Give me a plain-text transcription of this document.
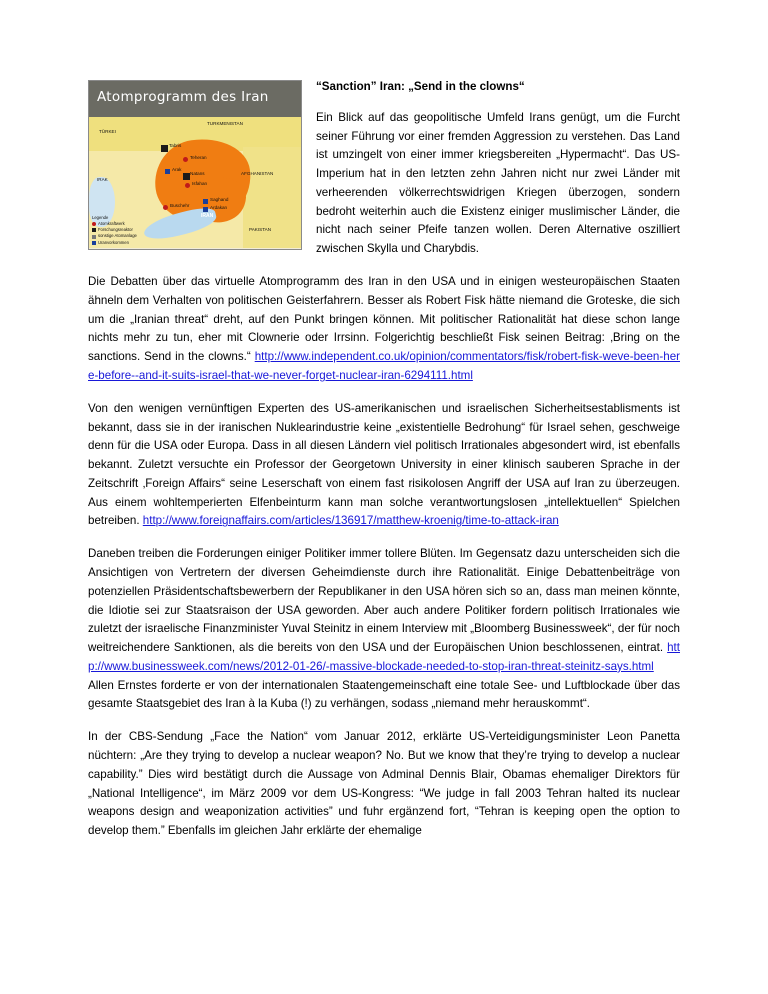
Atomprogramm des Iran
TÜRKEI
TURKMENISTAN
IRAK
AFGHANISTAN
PAKISTAN
IRAN
Tabris
Teheran
Arak
Natans
Isfahan
Buschehr
Saghand
Ardakan
Legende
Atomkraftwerk
Forschungsreaktor
sonstige Atomanlage
Uranvorkommen

“Sanction” Iran: „Send in the clowns“

Ein Blick auf das geopolitische Umfeld Irans genügt, um die Furcht seiner Führung vor einer fremden Aggression zu verstehen. Das Land ist umzingelt von einer immer kriegsbereiten „Hypermacht“. Das US-Imperium hat in den letzten zehn Jahren nicht nur zwei Länder mit verheerenden völkerrechtswidrigen Kriegen überzogen, sondern bedroht weiterhin auch die Existenz einiger muslimischer Länder, die nicht nach seiner Pfeife tanzen wollen. Deren Alternative oszilliert zwischen Skylla und Charybdis.

Die Debatten über das virtuelle Atomprogramm des Iran in den USA und in einigen westeuropäischen Staaten ähneln dem Verhalten von politischen Geisterfahrern. Besser als Robert Fisk hätte niemand die Groteske, die sich um die „Iranian threat“ dreht, auf den Punkt bringen können. Mit politischer Rationalität hat diese schon lange nichts mehr zu tun, eher mit Clownerie oder Irrsinn. Folgerichtig beschließt Fisk seinen Beitrag: ‚Bring on the sanctions. Send in the clowns.“ http://www.independent.co.uk/opinion/commentators/fisk/robert-fisk-weve-been-here-before--and-it-suits-israel-that-we-never-forget-nuclear-iran-6294111.html

Von den wenigen vernünftigen Experten des US-amerikanischen und israelischen Sicherheitsestablisments ist bekannt, dass sie in der iranischen Nuklearindustrie keine „existentielle Bedrohung“ für Israel sehen, geschweige denn für die USA oder Europa. Dass in all diesen Ländern viel politisch Irrationales abgesondert wird, ist ebenfalls bekannt. Zuletzt versuchte ein Professor der Georgetown University in einer klinisch sauberen Sprache in der Zeitschrift ‚Foreign Affairs“ seine Leserschaft von einem fast risikolosen Angriff der USA auf Iran zu überzeugen. Aus einem wohltemperierten Elfenbeinturm kann man solche verantwortungslosen „intellektuellen“ Spielchen betreiben. http://www.foreignaffairs.com/articles/136917/matthew-kroenig/time-to-attack-iran

Daneben treiben die Forderungen einiger Politiker immer tollere Blüten. Im Gegensatz dazu unterscheiden sich die Ansichtigen von Vertretern der diversen Geheimdienste durch ihre Rationalität. Einige Debattenbeiträge von potenziellen Präsidentschaftsbewerbern der Republikaner in den USA hören sich so an, dass man meinen könnte, die Idiotie sei zur Staatsraison der USA geworden. Aber auch andere Politiker fordern politisch Irrationales wie zuletzt der israelische Finanzminister Yuval Steinitz in einem Interview mit „Bloomberg Businessweek“, der für noch weitreichendere Sanktionen, als die bereits von den USA und der Europäischen Union beschlossenen, eintrat. http://www.businessweek.com/news/2012-01-26/-massive-blockade-needed-to-stop-iran-threat-steinitz-says.html Allen Ernstes forderte er von der internationalen Staatengemeinschaft eine totale See- und Luftblockade über das gesamte Staatsgebiet des Iran à la Kuba (!) zu verhängen, sodass „niemand mehr herauskommt“.

In der CBS-Sendung „Face the Nation“ vom Januar 2012, erklärte US-Verteidigungsminister Leon Panetta nüchtern: „Are they trying to develop a nuclear weapon? No. But we know that they’re trying to develop a nuclear capability.” Dies wird bestätigt durch die Aussage von Adminal Dennis Blair, Obamas ehemaliger Direktors für „National Intelligence“, im März 2009 vor dem US-Kongress: “We judge in fall 2003 Tehran halted its nuclear weapons design and weaponization activities” und fuhr ergänzend fort, “Tehran is keeping open the option to develop them.” Ebenfalls im gleichen Jahr erklärte der ehemalige
